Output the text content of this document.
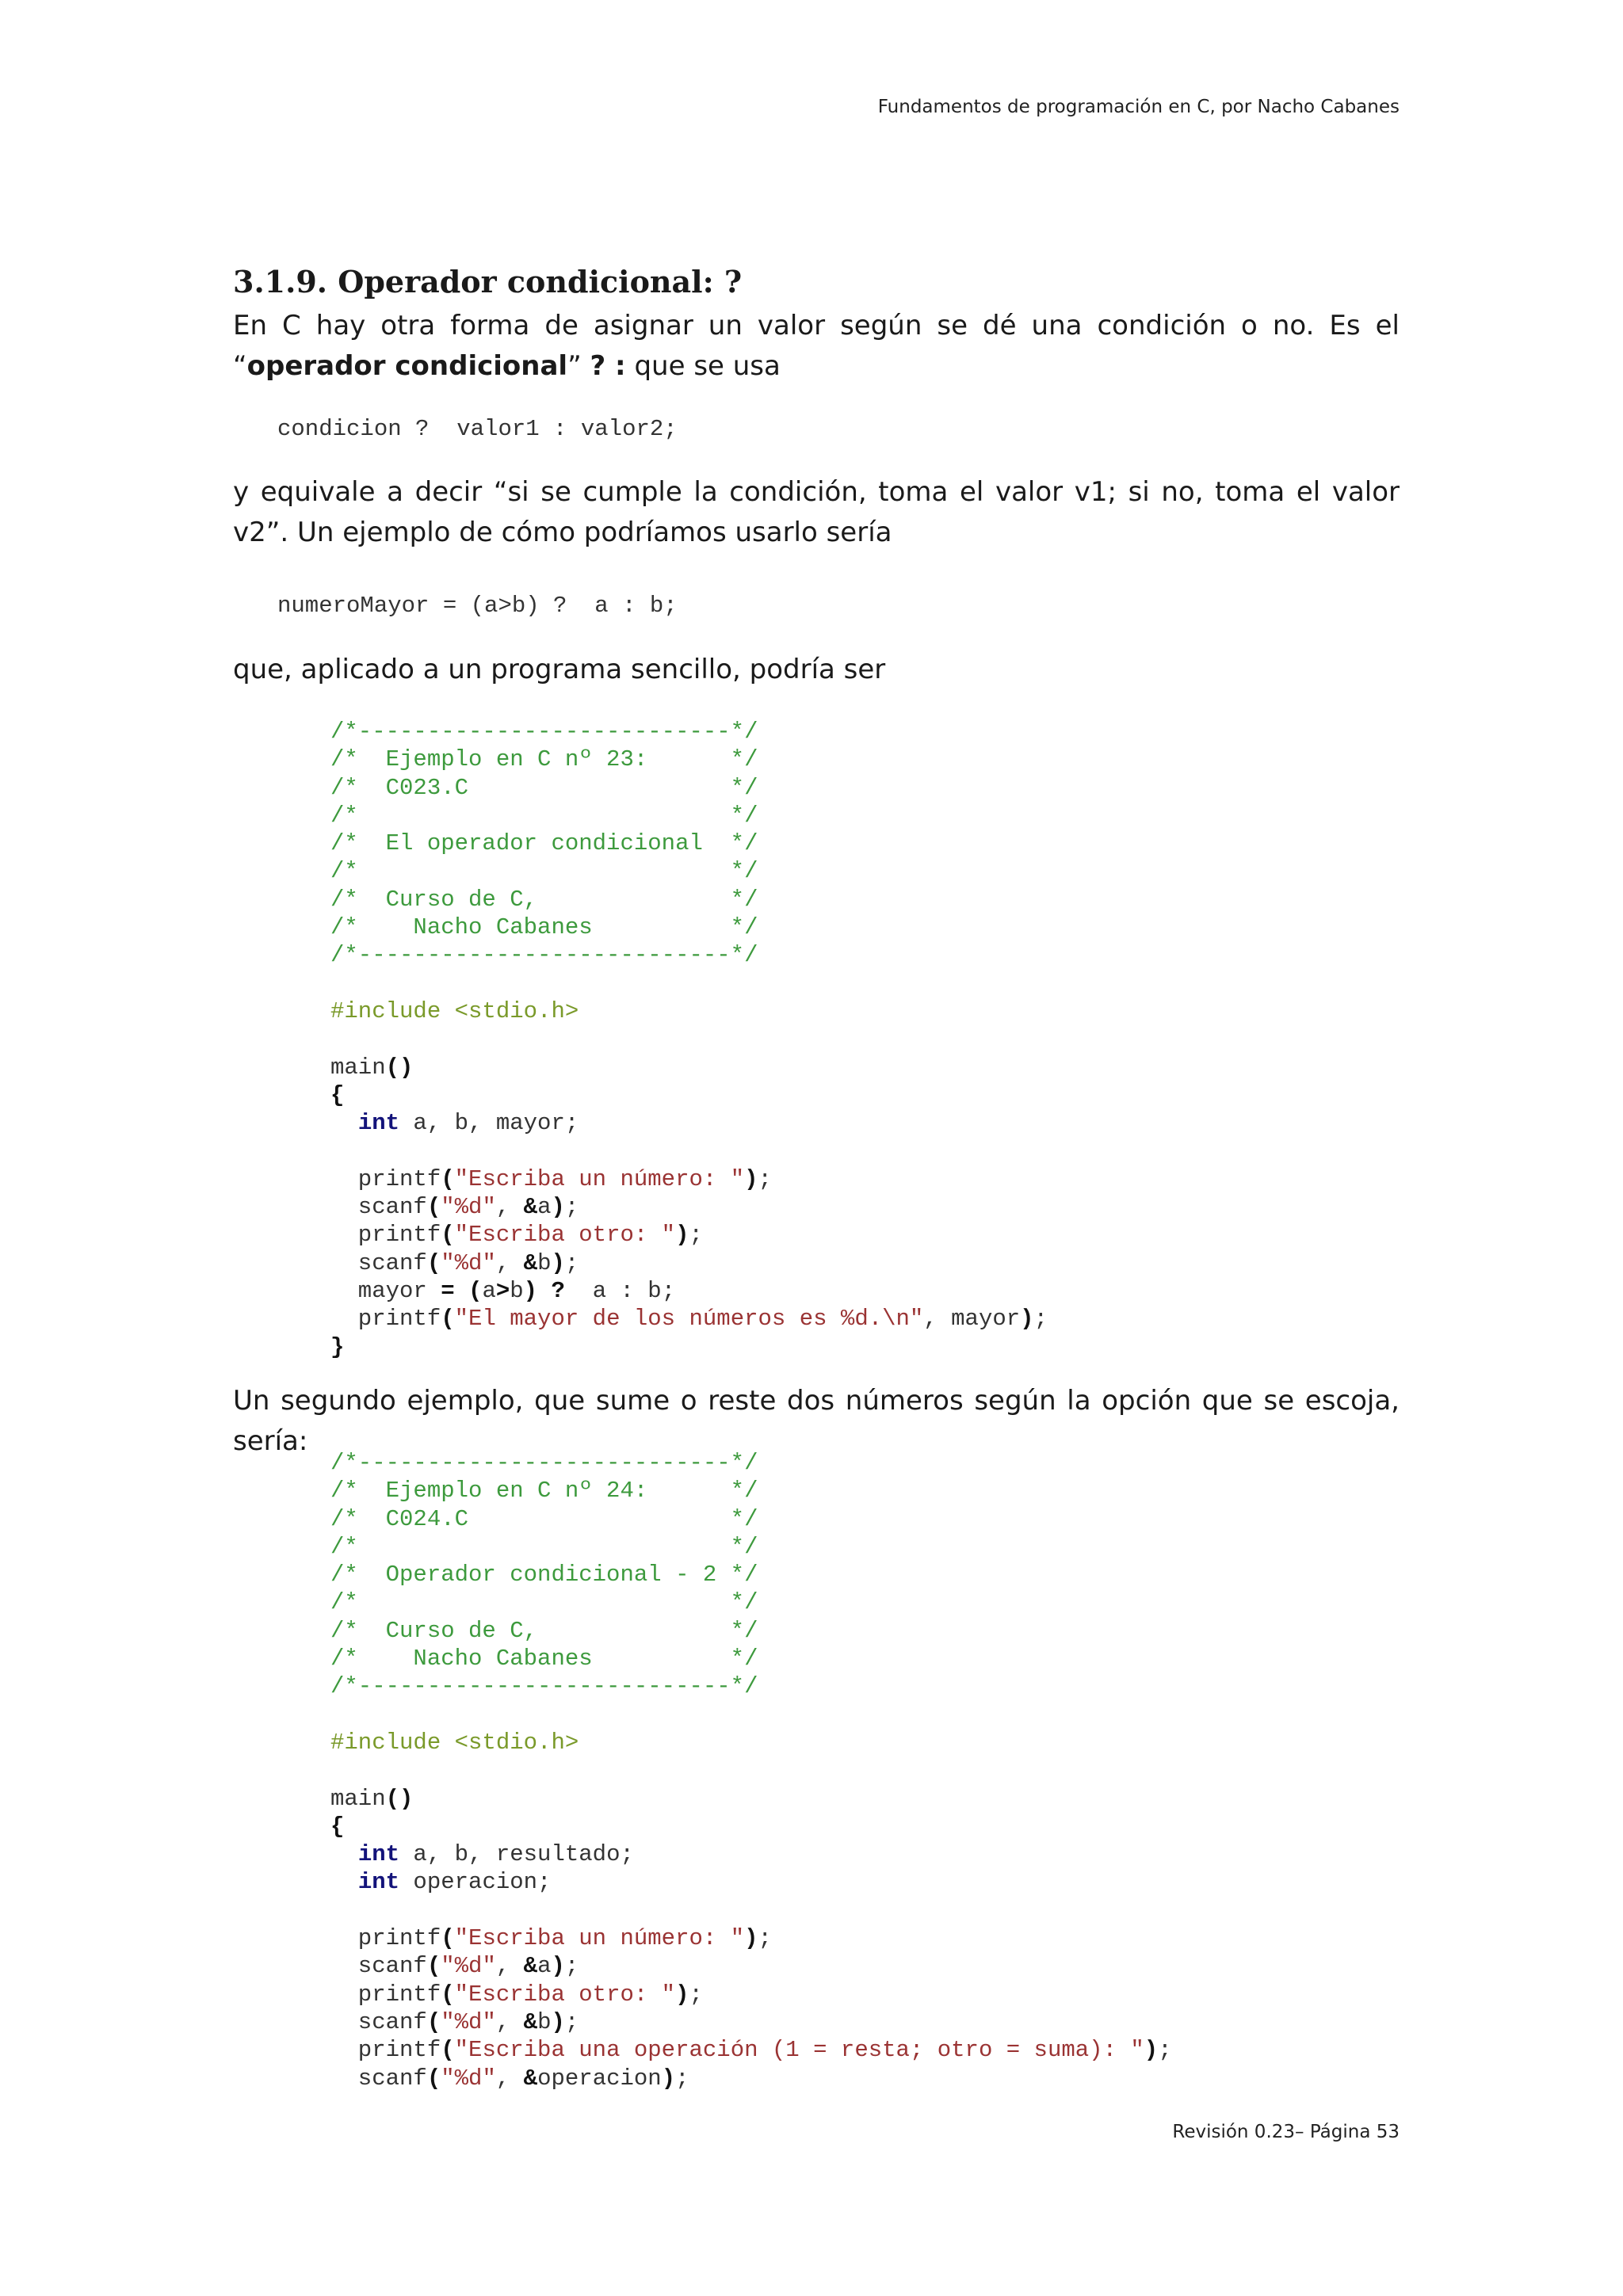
Fundamentos de programación en C, por Nacho Cabanes
3.1.9. Operador condicional: ?

En C hay otra forma de asignar un valor según se dé una condición o no. Es el “operador condicional” ? : que se usa

condicion ?  valor1 : valor2;

y equivale a decir “si se cumple la condición, toma el valor v1; si no, toma el valor v2”. Un ejemplo de cómo podríamos usarlo sería

numeroMayor = (a>b) ?  a : b;

que, aplicado a un programa sencillo, podría ser

/*---------------------------*/
/*  Ejemplo en C nº 23:      */
/*  C023.C                   */
/*                           */
/*  El operador condicional  */
/*                           */
/*  Curso de C,              */
/*    Nacho Cabanes          */
/*---------------------------*/
#include <stdio.h>
main()
{
int a, b, mayor;
printf("Escriba un número: ");
scanf("%d", &a);
printf("Escriba otro: ");
scanf("%d", &b);
mayor = (a>b) ?  a : b;
printf("El mayor de los números es %d.\n", mayor);
}

Un segundo ejemplo, que sume o reste dos números según la opción que se escoja, sería:

/*---------------------------*/
/*  Ejemplo en C nº 24:      */
/*  C024.C                   */
/*                           */
/*  Operador condicional - 2 */
/*                           */
/*  Curso de C,              */
/*    Nacho Cabanes          */
/*---------------------------*/
#include <stdio.h>
main()
{
int a, b, resultado;
int operacion;
printf("Escriba un número: ");
scanf("%d", &a);
printf("Escriba otro: ");
scanf("%d", &b);
printf("Escriba una operación (1 = resta; otro = suma): ");
scanf("%d", &operacion);
Revisión 0.23– Página 53
